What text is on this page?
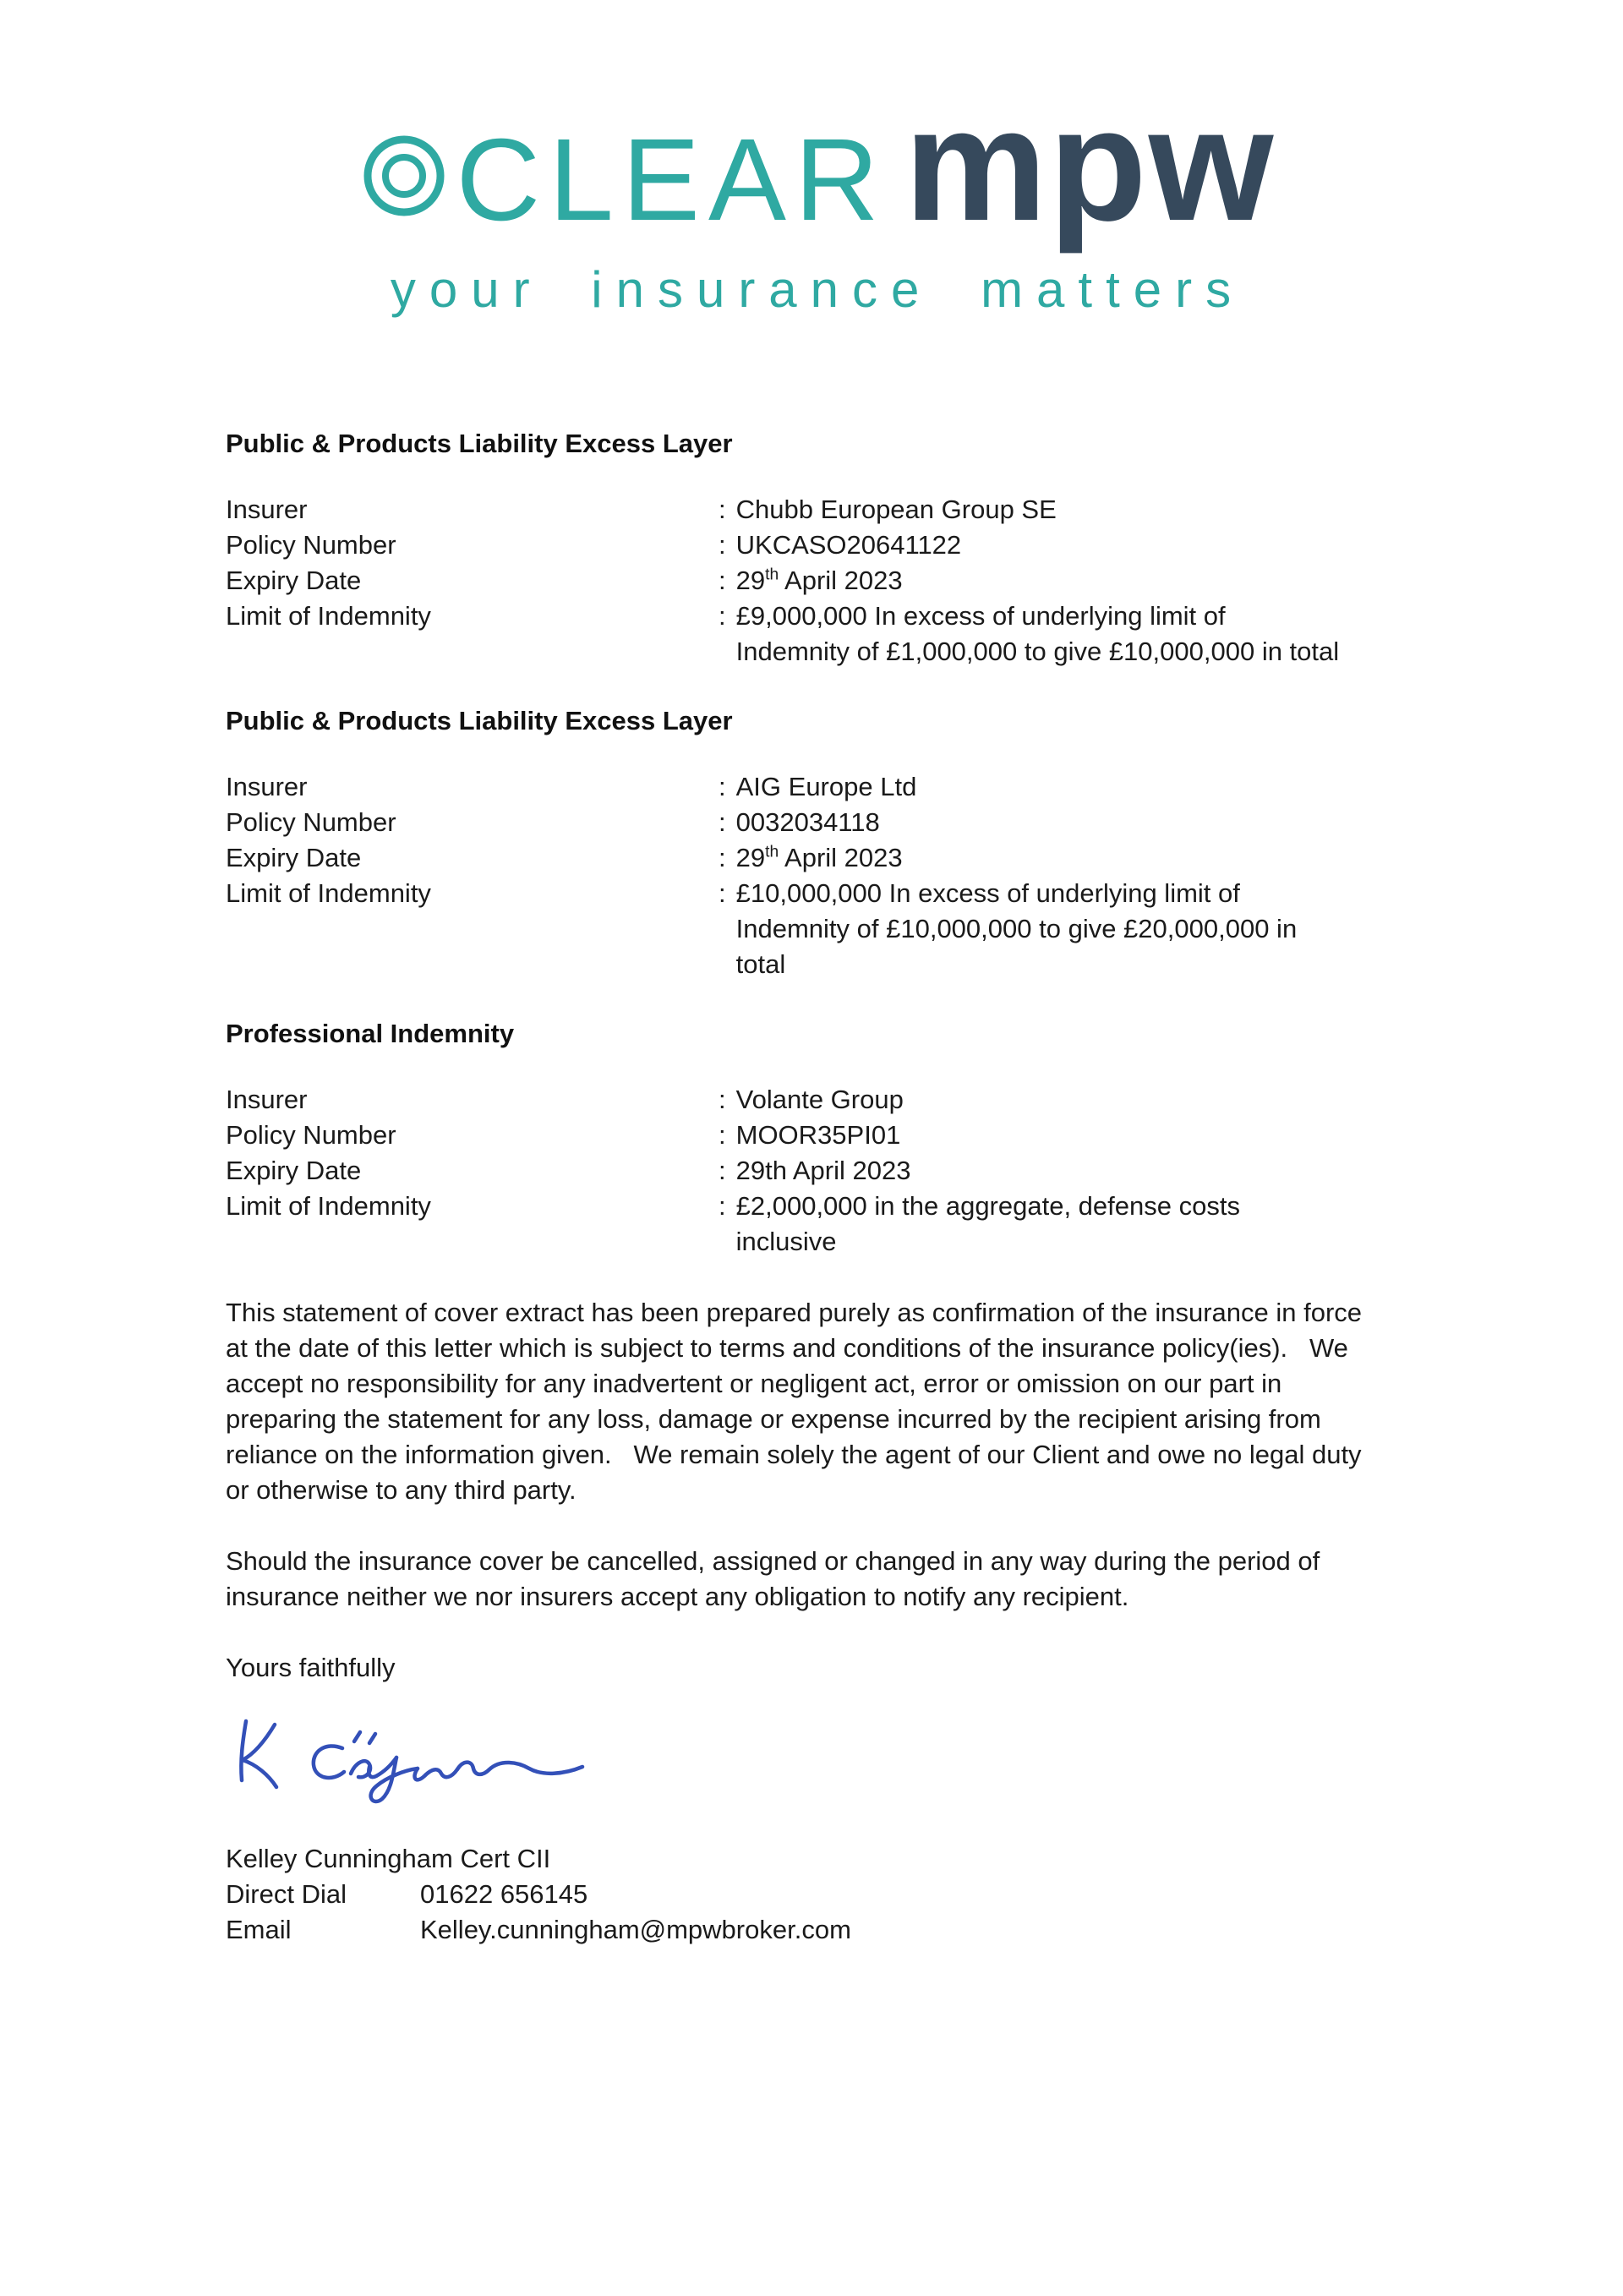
CLEAR mpw
your insurance matters
Public & Products Liability Excess Layer
Insurer	: Chubb European Group SE
Policy Number	: UKCASO20641122
Expiry Date	: 29th April 2023
Limit of Indemnity	: £9,000,000 In excess of underlying limit of Indemnity of £1,000,000 to give £10,000,000 in total
Public & Products Liability Excess Layer
Insurer	: AIG Europe Ltd
Policy Number	: 0032034118
Expiry Date	: 29th April 2023
Limit of Indemnity	: £10,000,000 In excess of underlying limit of Indemnity of £10,000,000 to give £20,000,000 in total
Professional Indemnity
Insurer	: Volante Group
Policy Number	: MOOR35PI01
Expiry Date	: 29th April 2023
Limit of Indemnity	: £2,000,000 in the aggregate, defense costs inclusive

This statement of cover extract has been prepared purely as confirmation of the insurance in force at the date of this letter which is subject to terms and conditions of the insurance policy(ies).   We accept no responsibility for any inadvertent or negligent act, error or omission on our part in preparing the statement for any loss, damage or expense incurred by the recipient arising from reliance on the information given.   We remain solely the agent of our Client and owe no legal duty or otherwise to any third party.

Should the insurance cover be cancelled, assigned or changed in any way during the period of insurance neither we nor insurers accept any obligation to notify any recipient.

Yours faithfully
Kelley Cunningham Cert CII
Direct Dial	01622 656145
Email	Kelley.cunningham@mpwbroker.com
